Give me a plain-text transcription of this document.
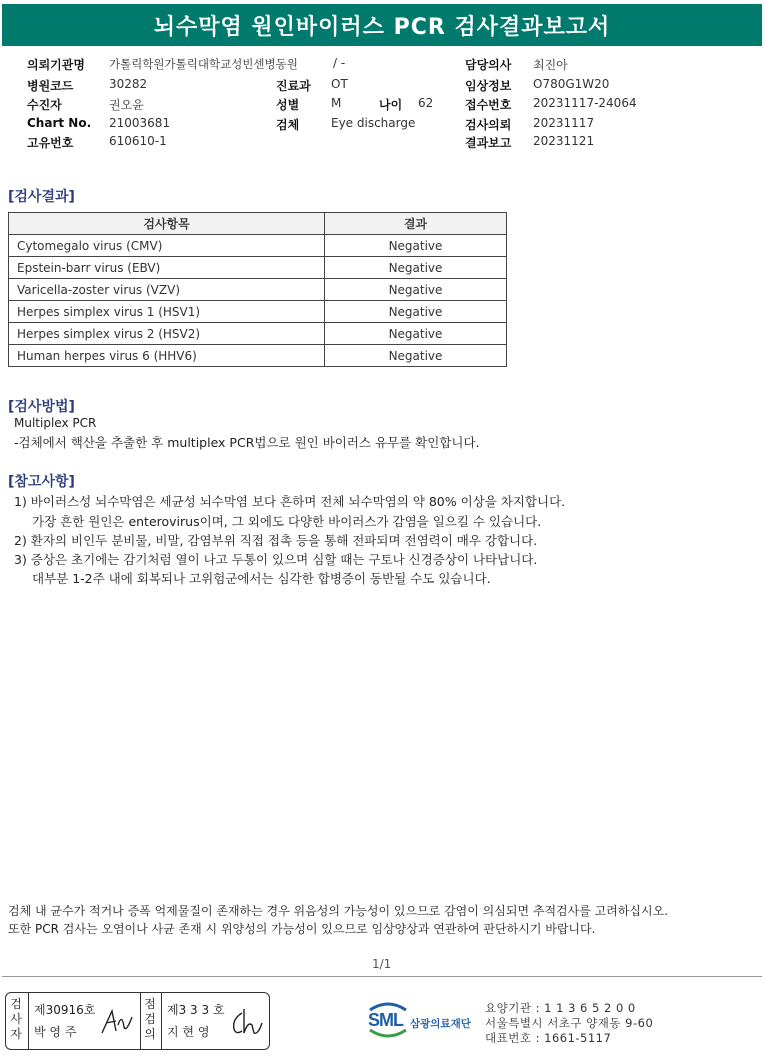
뇌수막염 원인바이러스 PCR 검사결과보고서
의뢰기관명 가톨릭학원가톨릭대학교성빈센병동원	/ -
병원코드	30282	진료과 OT
수진자	권오윤	성별	M	나이 62
Chart No. 21003681	검체	Eye discharge
고유번호	610610-1
담당의사 최진아
임상정보 O780G1W20
접수번호 20231117-24064
검사의뢰 20231117
결과보고 20231121
[검사결과]
검사항목	결과
Cytomegalo virus (CMV)	Negative
Epstein-barr virus (EBV)	Negative
Varicella-zoster virus (VZV)	Negative
Herpes simplex virus 1 (HSV1)	Negative
Herpes simplex virus 2 (HSV2)	Negative
Human herpes virus 6 (HHV6)	Negative
[검사방법]
Multiplex PCR
-검체에서 핵산을 추출한 후 multiplex PCR법으로 원인 바이러스 유무를 확인합니다.
[참고사항]
1) 바이러스성 뇌수막염은 세균성 뇌수막염 보다 흔하며 전체 뇌수막염의 약 80% 이상을 차지합니다.
가장 흔한 원인은 enterovirus이며, 그 외에도 다양한 바이러스가 감염을 일으킬 수 있습니다.
2) 환자의 비인두 분비물, 비말, 감염부위 직접 접촉 등을 통해 전파되며 전염력이 매우 강합니다.
3) 증상은 초기에는 감기처럼 열이 나고 두통이 있으며 심할 때는 구토나 신경증상이 나타납니다.
대부분 1-2주 내에 회복되나 고위험군에서는 심각한 합병증이 동반될 수도 있습니다.
검체 내 균수가 적거나 증폭 억제물질이 존재하는 경우 위음성의 가능성이 있으므로 감염이 의심되면 추적검사를 고려하십시오.
또한 PCR 검사는 오염이나 사균 존재 시 위양성의 가능성이 있으므로 임상양상과 연관하여 판단하시기 바랍니다.
1/1
검
사
자
제30916호
박 영 주
점
검
의
제3 3 3 호
지 현 영
SML 삼광의료재단
요양기관 : 1 1 3 6 5 2 0 0
서울특별시 서초구 양재동 9-60
대표번호 : 1661-5117
